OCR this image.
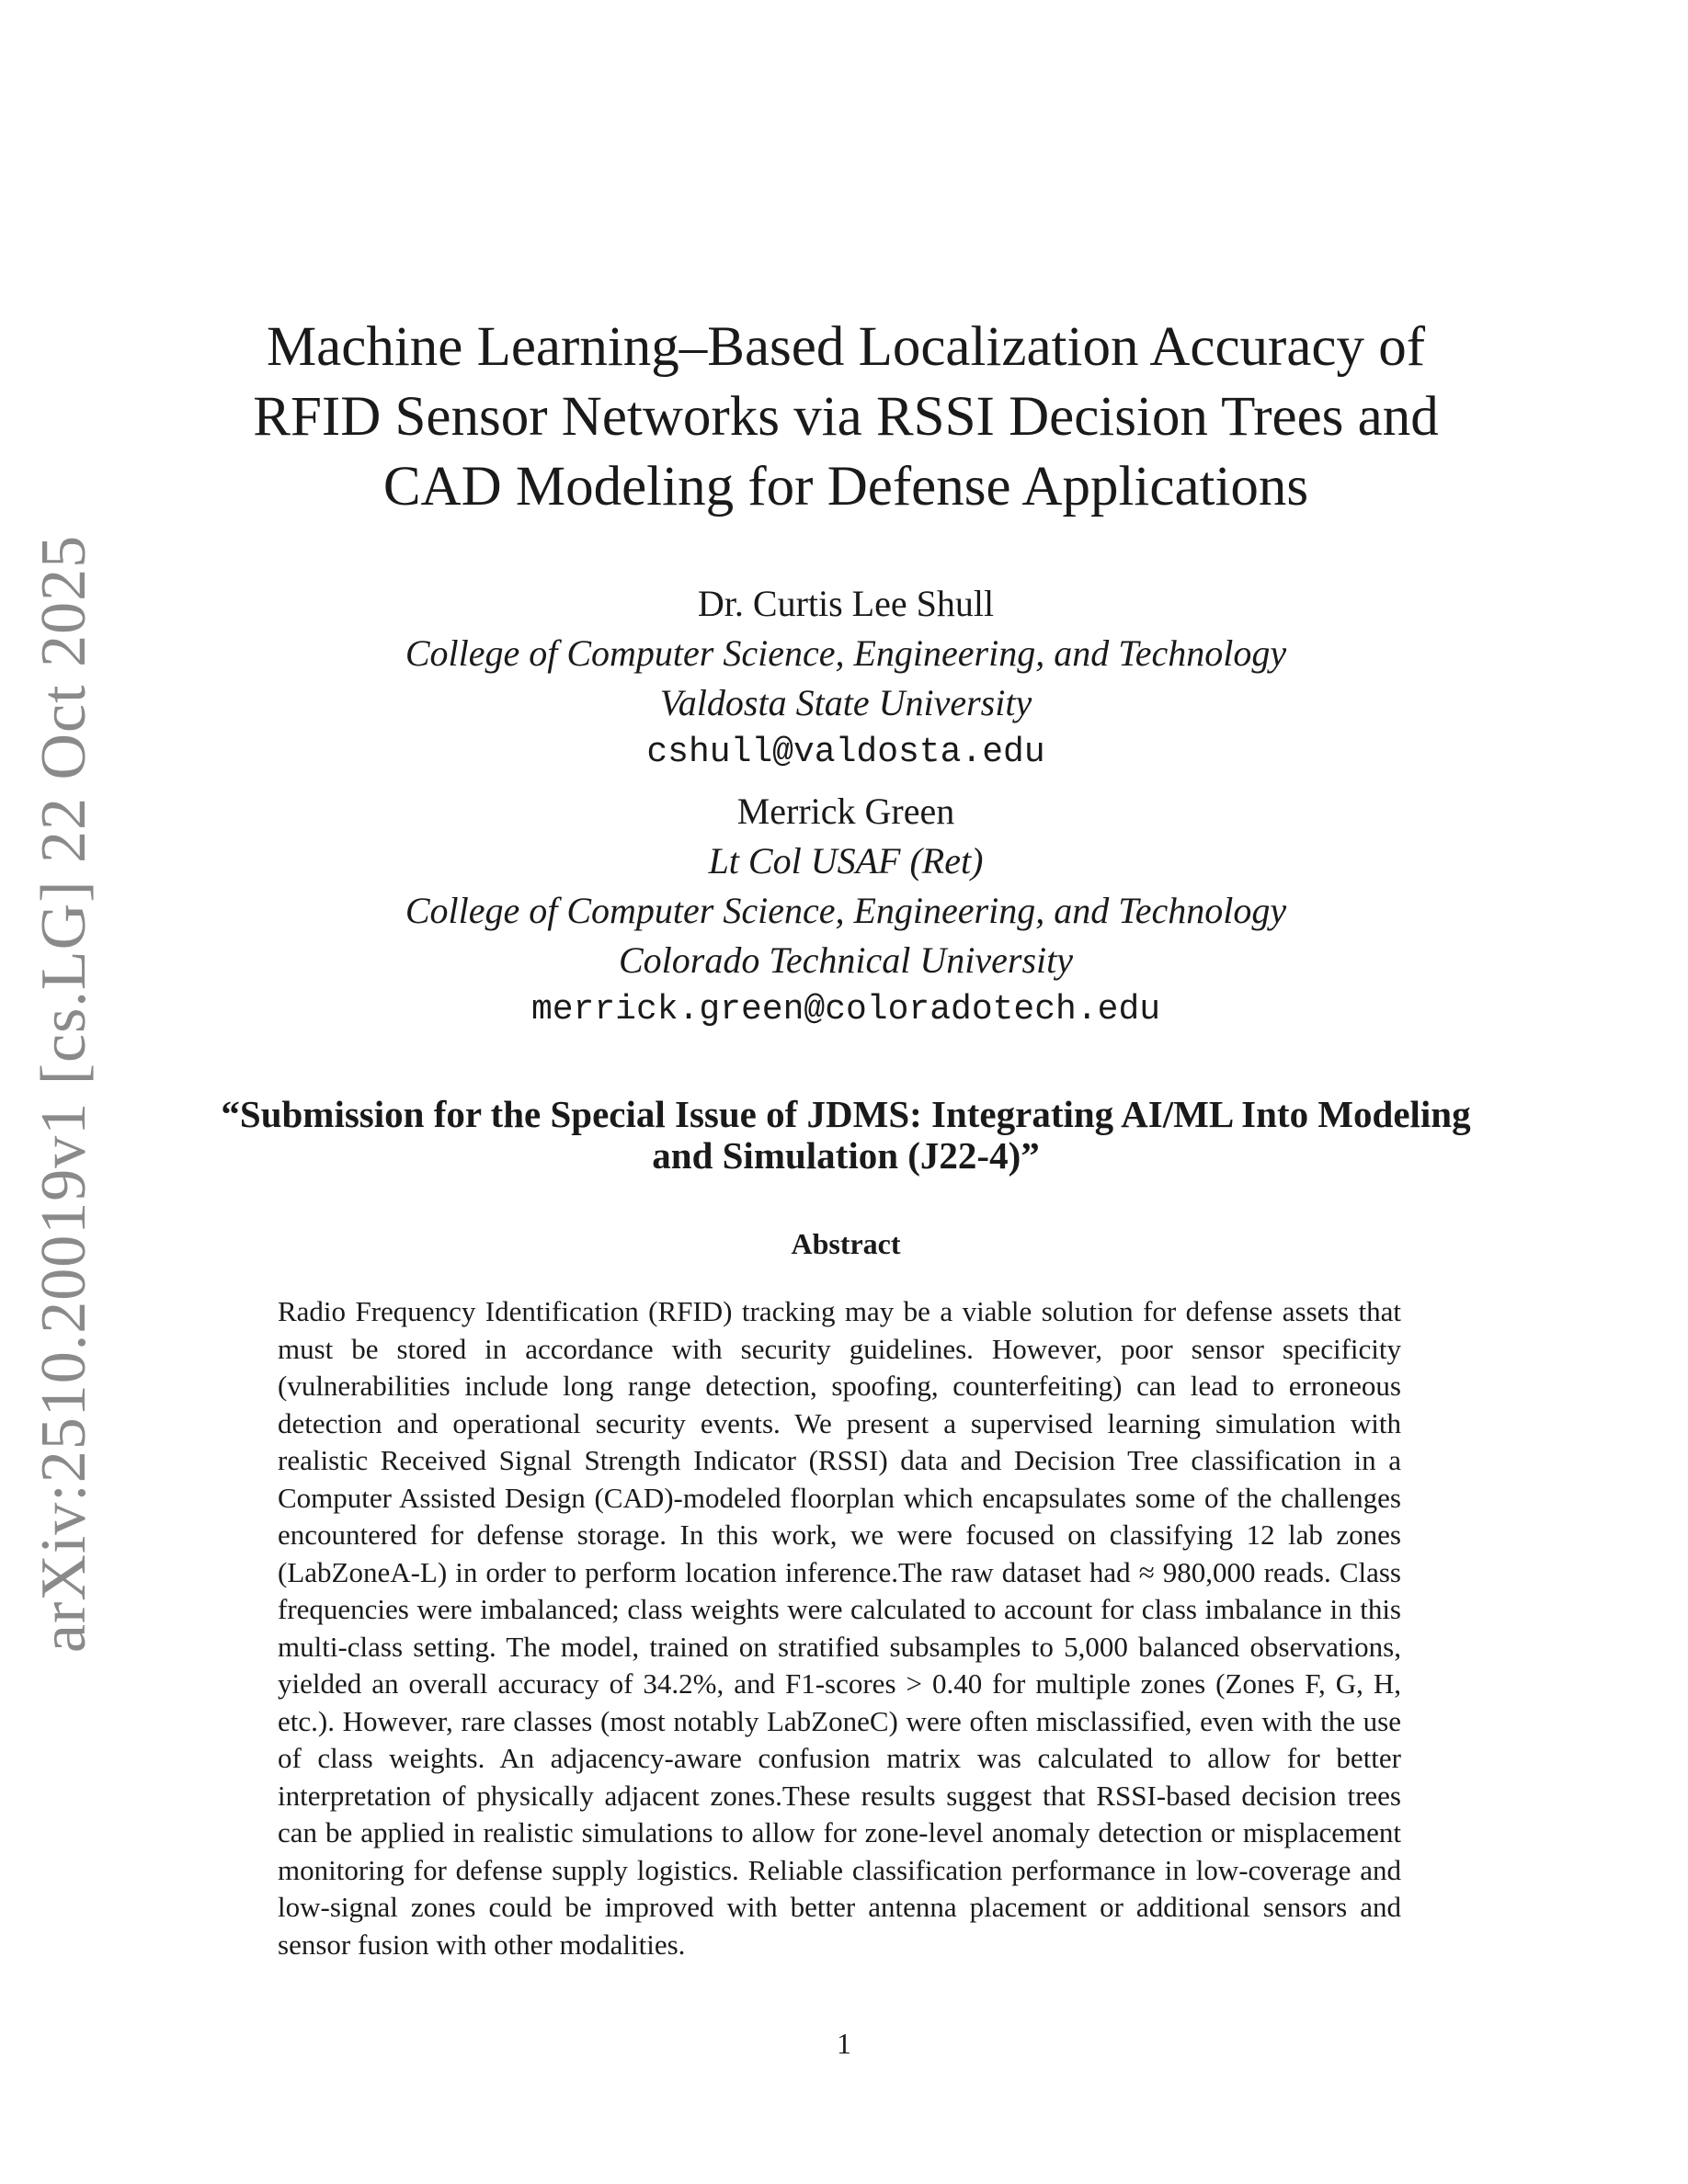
arXiv:2510.20019v1 [cs.LG] 22 Oct 2025
Machine Learning–Based Localization Accuracy of
RFID Sensor Networks via RSSI Decision Trees and
CAD Modeling for Defense Applications
Dr. Curtis Lee Shull
College of Computer Science, Engineering, and Technology
Valdosta State University
cshull@valdosta.edu
Merrick Green
Lt Col USAF (Ret)
College of Computer Science, Engineering, and Technology
Colorado Technical University
merrick.green@coloradotech.edu
“Submission for the Special Issue of JDMS: Integrating AI/ML Into Modeling
and Simulation (J22-4)”
Abstract

Radio Frequency Identification (RFID) tracking may be a viable solution for defense assets that must be stored in accordance with security guidelines. However, poor sensor specificity (vulnerabilities include long range detection, spoofing, counterfeiting) can lead to erroneous detection and operational security events. We present a supervised learning simulation with realistic Received Signal Strength Indicator (RSSI) data and Decision Tree classification in a Computer Assisted Design (CAD)-modeled floorplan which encapsulates some of the challenges encountered for defense storage. In this work, we were focused on classifying 12 lab zones (LabZoneA-L) in order to perform location inference.The raw dataset had ≈ 980,000 reads. Class frequencies were imbalanced; class weights were calculated to account for class imbalance in this multi-class setting. The model, trained on stratified subsamples to 5,000 balanced observations, yielded an overall accuracy of 34.2%, and F1-scores > 0.40 for multiple zones (Zones F, G, H, etc.). However, rare classes (most notably LabZoneC) were often misclassified, even with the use of class weights. An adjacency-aware confusion matrix was calculated to allow for better interpretation of physically adjacent zones.These results suggest that RSSI-based decision trees can be applied in realistic simulations to allow for zone-level anomaly detection or misplacement monitoring for defense supply logistics. Reliable classification performance in low-coverage and low-signal zones could be improved with better antenna placement or additional sensors and sensor fusion with other modalities.

1
